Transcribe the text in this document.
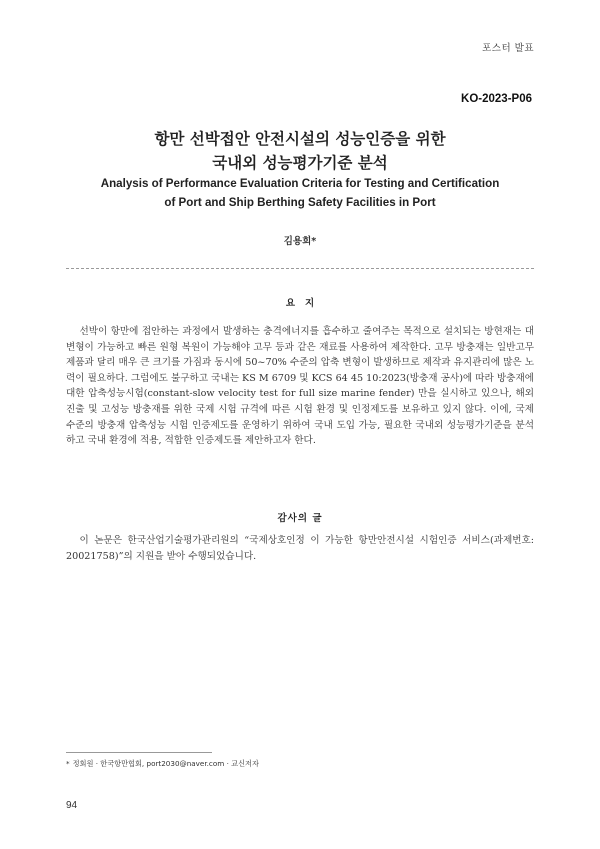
포스터 발표
KO-2023-P06
항만 선박접안 안전시설의 성능인증을 위한
국내외 성능평가기준 분석
Analysis of Performance Evaluation Criteria for Testing and Certification
of Port and Ship Berthing Safety Facilities in Port
김용희*
요지

선박이 항만에 접안하는 과정에서 발생하는 충격에너지를 흡수하고 줄여주는 목적으로 설치되는 방현재는 대변형이 가능하고 빠른 원형 복원이 가능해야 고무 등과 같은 재료를 사용하여 제작한다. 고무 방충재는 일반고무 제품과 달리 매우 큰 크기를 가짐과 동시에 50~70% 수준의 압축 변형이 발생하므로 제작과 유지관리에 많은 노력이 필요하다. 그럼에도 불구하고 국내는 KS M 6709 및 KCS 64 45 10:2023(방충재 공사)에 따라 방충재에 대한 압축성능시험(constant-slow velocity test for full size marine fender) 만을 실시하고 있으나, 해외 진출 및 고성능 방충재를 위한 국제 시험 규격에 따른 시험 환경 및 인정제도를 보유하고 있지 않다. 이에, 국제 수준의 방충재 압축성능 시험 인증제도를 운영하기 위하여 국내 도입 가능, 필요한 국내외 성능평가기준을 분석하고 국내 환경에 적용, 적합한 인증제도를 제안하고자 한다.

감사의 글

이 논문은 한국산업기술평가관리원의 “국제상호인정 이 가능한 항만안전시설 시험인증 서비스(과제번호: 20021758)”의 지원을 받아 수행되었습니다.

* 정회원 · 한국항만협회, port2030@naver.com · 교신저자
94
